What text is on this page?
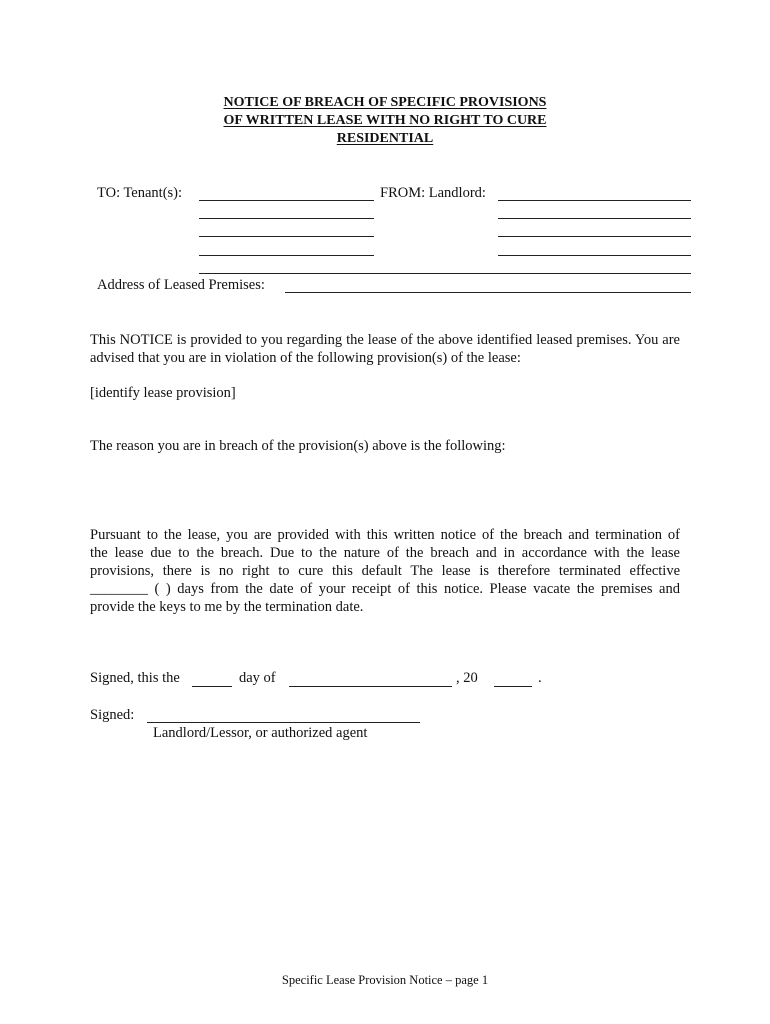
NOTICE OF BREACH OF SPECIFIC PROVISIONS
OF WRITTEN LEASE WITH NO RIGHT TO CURE
RESIDENTIAL
TO: Tenant(s):	FROM: Landlord:
Address of Leased Premises:
This NOTICE is provided to you regarding the lease of the above identified leased premises. You are advised that you are in violation of the following provision(s) of the lease:
[identify lease provision]
The reason you are in breach of the provision(s) above is the following:
Pursuant to the lease, you are provided with this written notice of the breach and termination of
the lease due to the breach. Due to the nature of the breach and in accordance with the lease
provisions, there is no right to cure this default The lease is therefore terminated effective
________ ( ) days from the date of your receipt of this notice. Please vacate the premises and
provide the keys to me by the termination date.
Signed, this the	day of	, 20	.
Signed:
Landlord/Lessor, or authorized agent
Specific Lease Provision Notice – page 1
